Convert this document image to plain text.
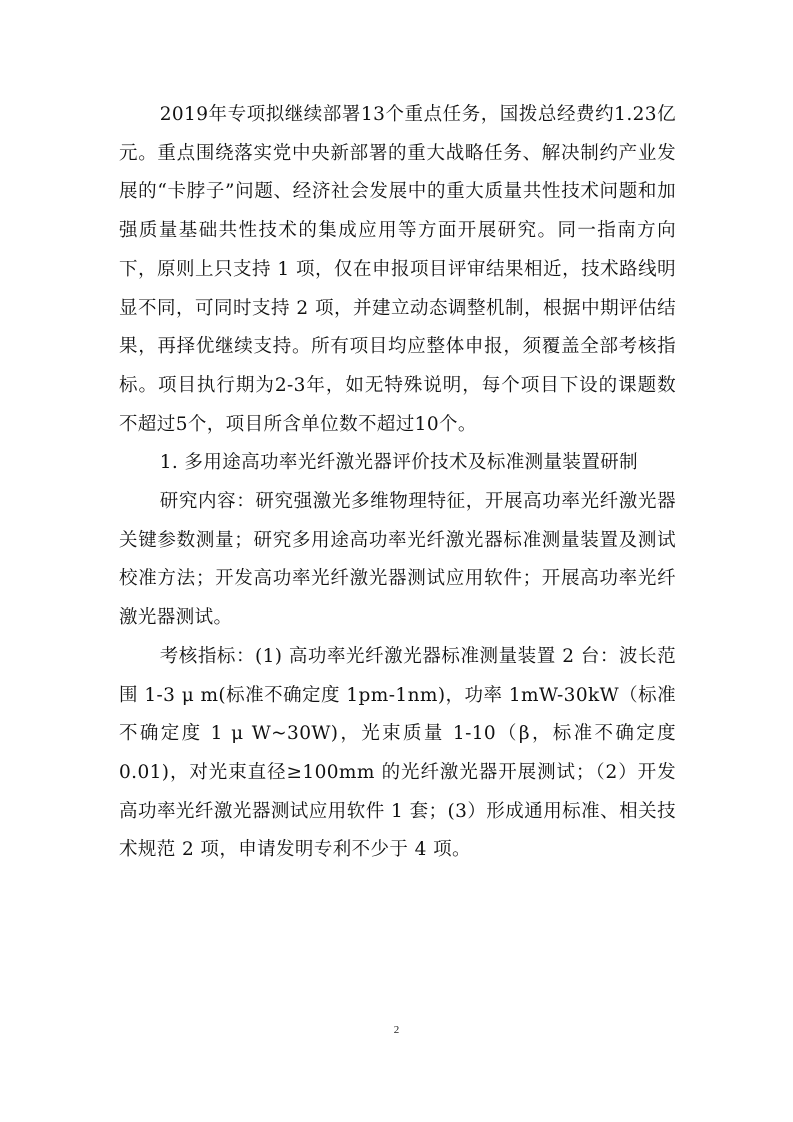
2019年专项拟继续部署13个重点任务，国拨总经费约1.23亿元。重点围绕落实党中央新部署的重大战略任务、解决制约产业发展的“卡脖子”问题、经济社会发展中的重大质量共性技术问题和加强质量基础共性技术的集成应用等方面开展研究。同一指南方向下，原则上只支持 1 项，仅在申报项目评审结果相近，技术路线明显不同，可同时支持 2 项，并建立动态调整机制，根据中期评估结果，再择优继续支持。所有项目均应整体申报，须覆盖全部考核指标。项目执行期为2-3年，如无特殊说明，每个项目下设的课题数不超过5个，项目所含单位数不超过10个。

1. 多用途高功率光纤激光器评价技术及标准测量装置研制

研究内容：研究强激光多维物理特征，开展高功率光纤激光器关键参数测量；研究多用途高功率光纤激光器标准测量装置及测试校准方法；开发高功率光纤激光器测试应用软件；开展高功率光纤激光器测试。

考核指标：(1) 高功率光纤激光器标准测量装置 2 台：波长范围 1-3 μ m(标准不确定度 1pm-1nm)，功率 1mW-30kW（标准不确定度 1 μ W~30W)，光束质量 1-10（β，标准不确定度 0.01)，对光束直径≥100mm 的光纤激光器开展测试；（2）开发高功率光纤激光器测试应用软件 1 套；(3）形成通用标准、相关技术规范 2 项，申请发明专利不少于 4 项。

2
